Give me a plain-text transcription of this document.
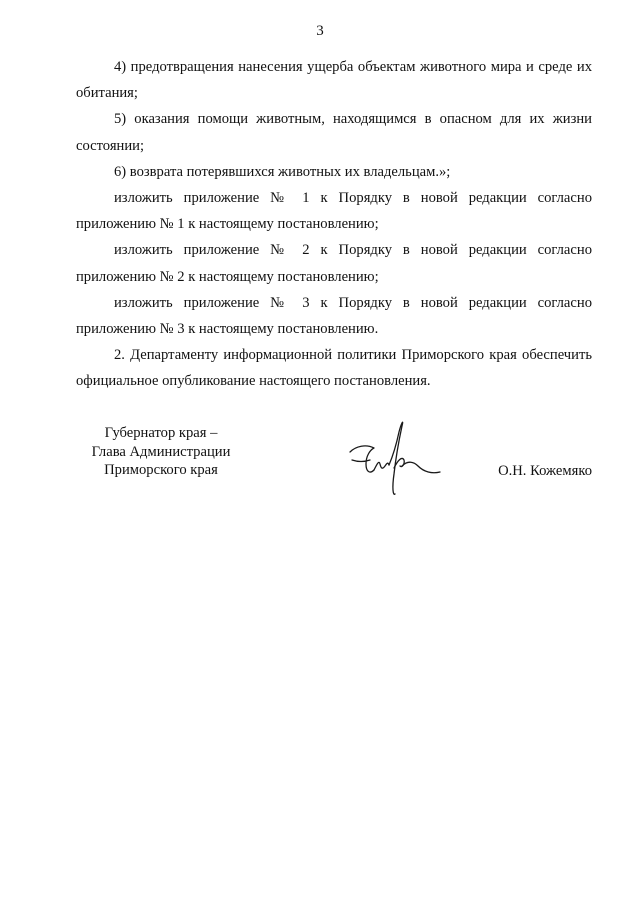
3

4) предотвращения нанесения ущерба объектам животного мира и среде их обитания;

5) оказания помощи животным, находящимся в опасном для их жизни состоянии;

6) возврата потерявшихся животных их владельцам.»;

изложить приложение № 1 к Порядку в новой редакции согласно приложению № 1 к настоящему постановлению;

изложить приложение № 2 к Порядку в новой редакции согласно приложению № 2 к настоящему постановлению;

изложить приложение № 3 к Порядку в новой редакции согласно приложению № 3 к настоящему постановлению.

2. Департаменту информационной политики Приморского края обеспечить официальное опубликование настоящего постановления.

Губернатор края –
Глава Администрации
Приморского края	О.Н. Кожемяко
